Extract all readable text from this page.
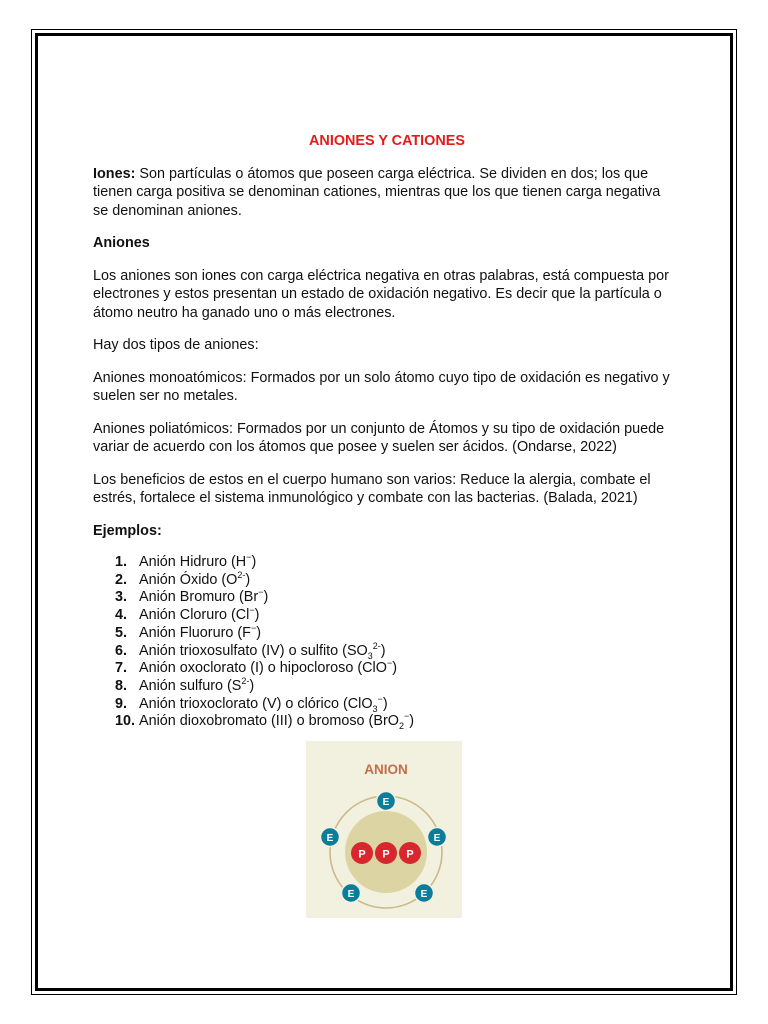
ANIONES Y CATIONES

Iones: Son partículas o átomos que poseen carga eléctrica. Se dividen en dos; los que tienen carga positiva se denominan cationes, mientras que los que tienen carga negativa se denominan aniones.

Aniones

Los aniones son iones con carga eléctrica negativa en otras palabras, está compuesta por electrones y estos presentan un estado de oxidación negativo. Es decir que la partícula o átomo neutro ha ganado uno o más electrones.

Hay dos tipos de aniones:

Aniones monoatómicos: Formados por un solo átomo cuyo tipo de oxidación es negativo y suelen ser no metales.

Aniones poliatómicos: Formados por un conjunto de Átomos y su tipo de oxidación puede variar de acuerdo con los átomos que posee y suelen ser ácidos. (Ondarse, 2022)

Los beneficios de estos en el cuerpo humano son varios: Reduce la alergia, combate el estrés, fortalece el sistema inmunológico y combate con las bacterias. (Balada, 2021)

Ejemplos:
1. Anión Hidruro (H−)
2. Anión Óxido $(O^{2-})$
3. Anión Bromuro (Br−)
4. Anión Cloruro (Cl−)
5. Anión Fluoruro (F−)
6. Anión trioxosulfato (IV) o sulfito $(SO_3^{2-})$
7. Anión oxoclorato (I) o hipocloroso (ClO−)
8. Anión sulfuro $(S^{2-})$
9. Anión trioxoclorato (V) o clórico (ClO$_3$−)
10. Anión dioxobromato (III) o bromoso (BrO$_2$−)
ANION
P P P
E
E	E
E	E
